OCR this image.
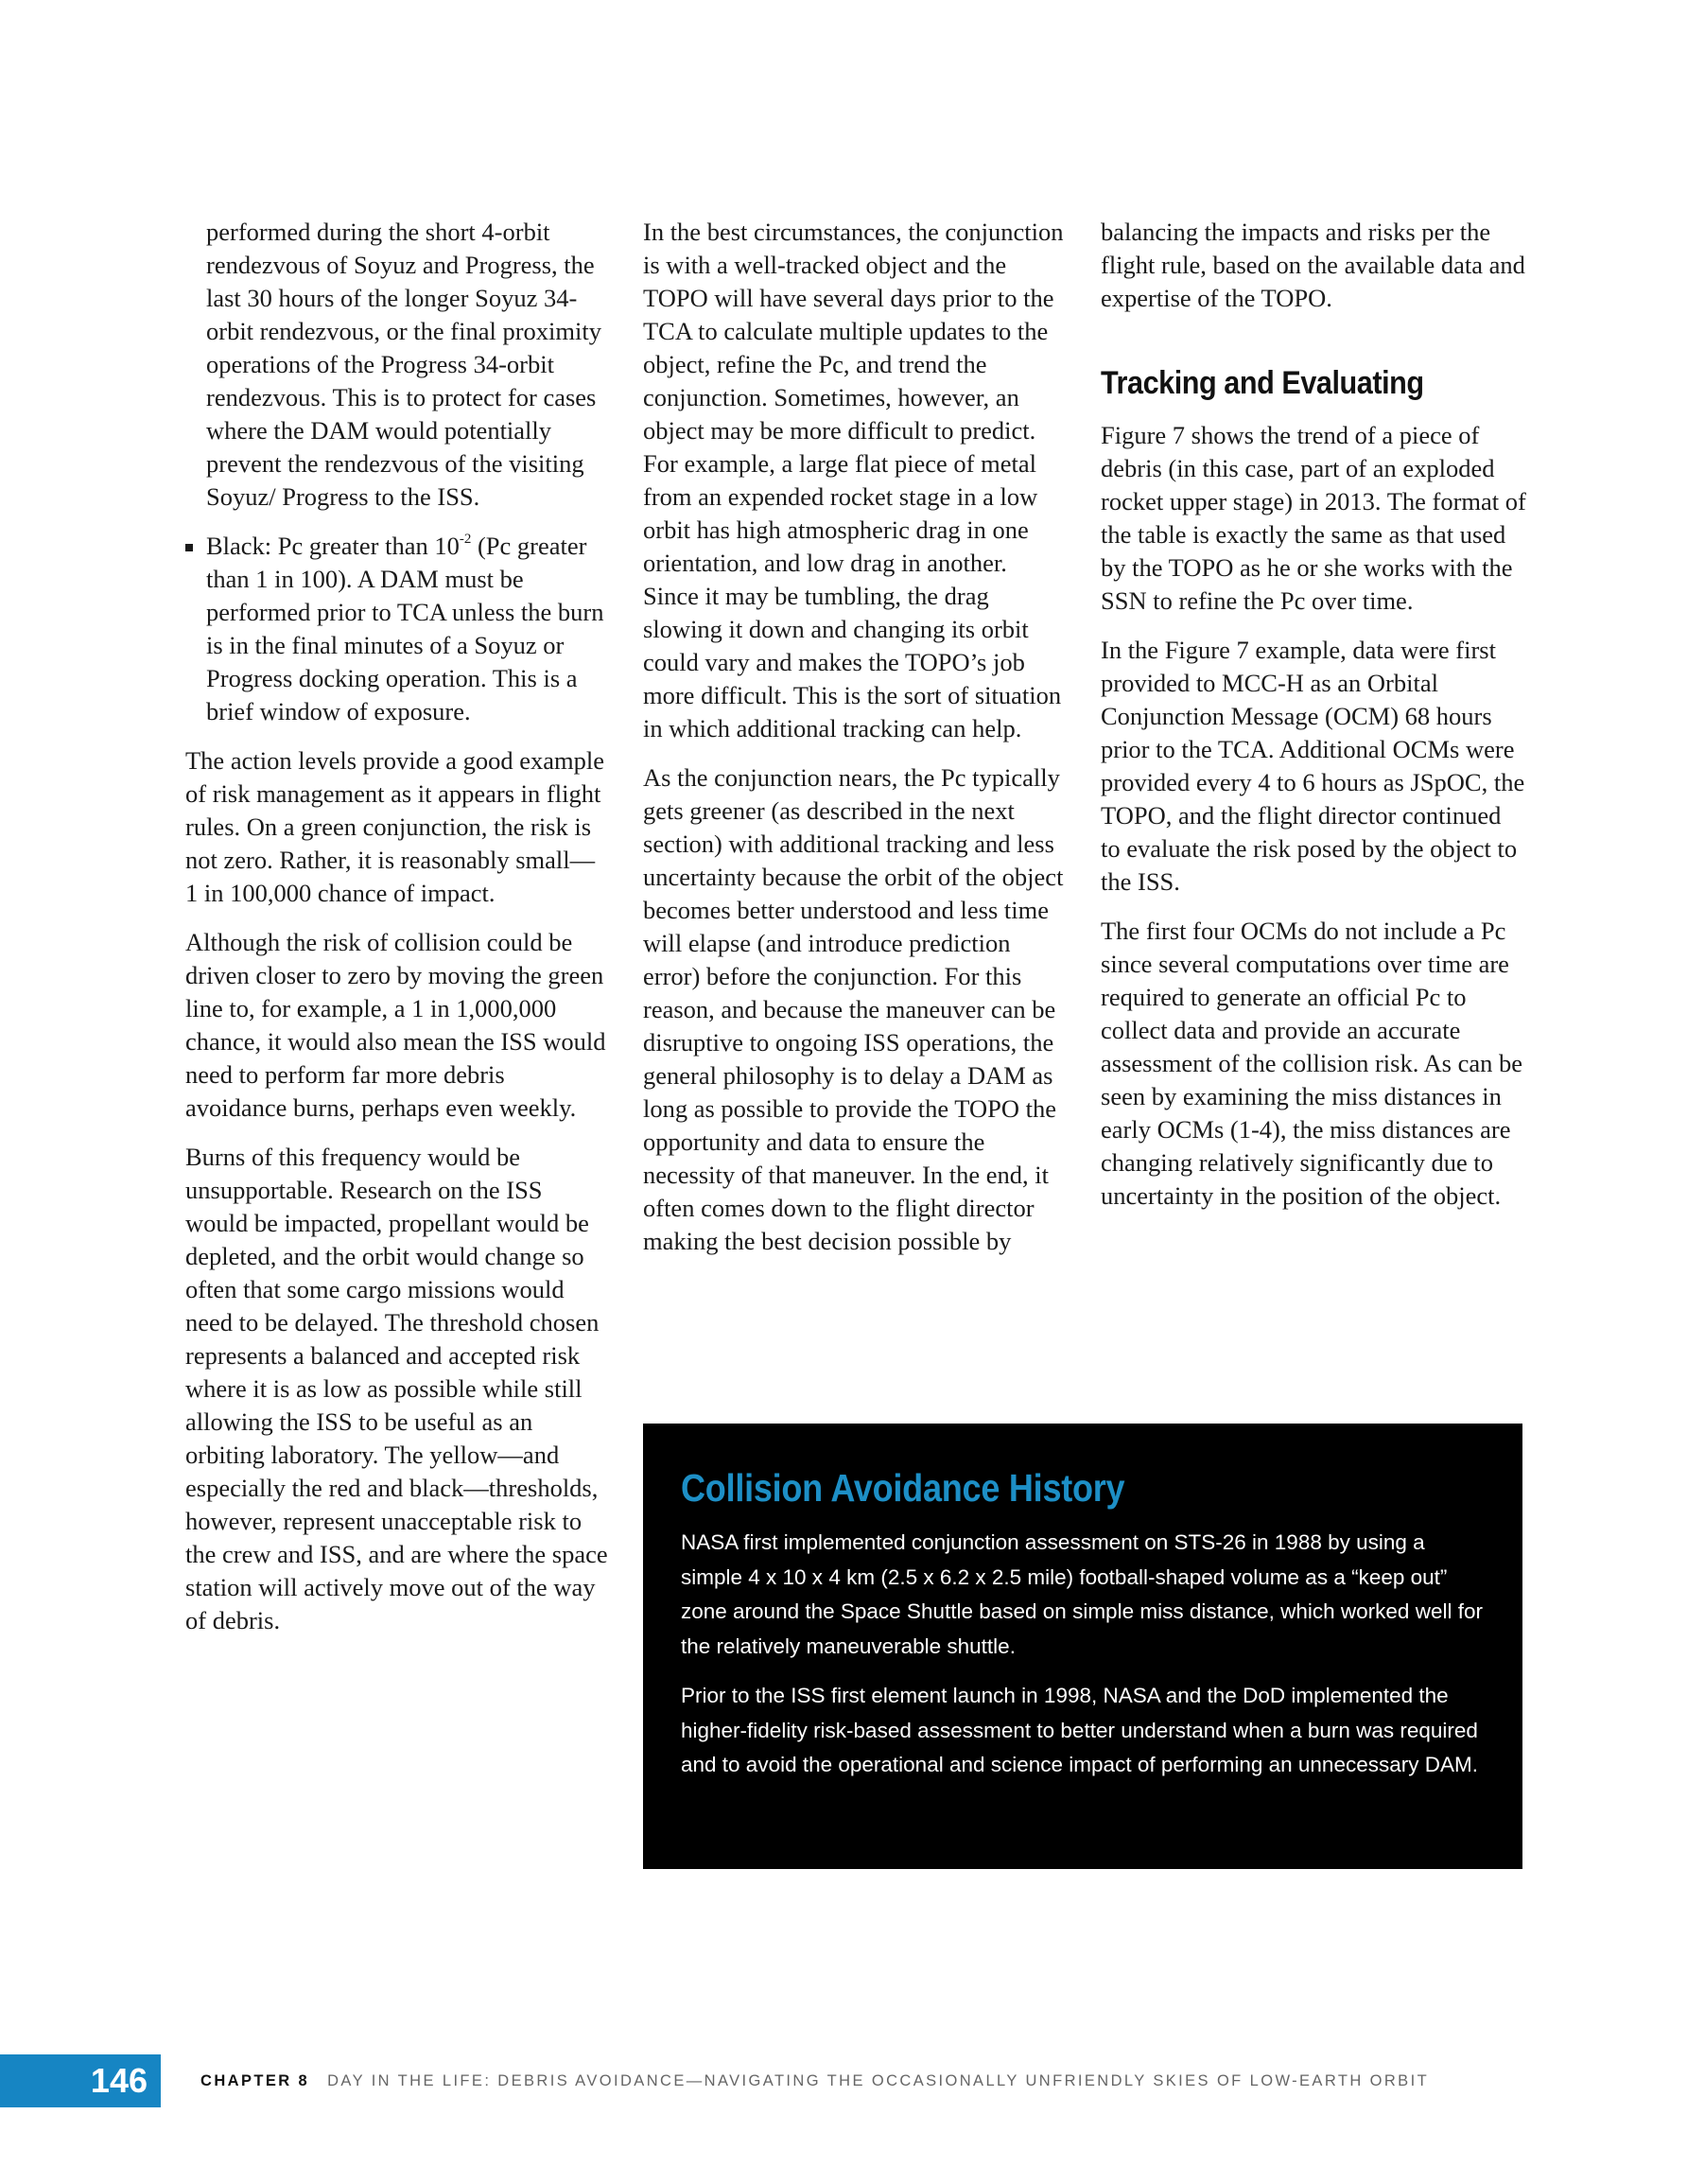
performed during the short 4-orbit rendezvous of Soyuz and Progress, the last 30 hours of the longer Soyuz 34-orbit rendezvous, or the final proximity operations of the Progress 34-orbit rendezvous. This is to protect for cases where the DAM would potentially prevent the rendezvous of the visiting Soyuz/ Progress to the ISS.

Black: Pc greater than $10^{-2}$ (Pc greater than 1 in 100). A DAM must be performed prior to TCA unless the burn is in the final minutes of a Soyuz or Progress docking operation. This is a brief window of exposure.

The action levels provide a good example of risk management as it appears in flight rules. On a green conjunction, the risk is not zero. Rather, it is reasonably small— 1 in 100,000 chance of impact.

Although the risk of collision could be driven closer to zero by moving the green line to, for example, a 1 in 1,000,000 chance, it would also mean the ISS would need to perform far more debris avoidance burns, perhaps even weekly.

Burns of this frequency would be unsupportable. Research on the ISS would be impacted, propellant would be depleted, and the orbit would change so often that some cargo missions would need to be delayed. The threshold chosen represents a balanced and accepted risk where it is as low as possible while still allowing the ISS to be useful as an orbiting laboratory. The yellow—and especially the red and black—thresholds, however, represent unacceptable risk to the crew and ISS, and are where the space station will actively move out of the way of debris.

In the best circumstances, the conjunction is with a well-tracked object and the TOPO will have several days prior to the TCA to calculate multiple updates to the object, refine the Pc, and trend the conjunction. Sometimes, however, an object may be more difficult to predict. For example, a large flat piece of metal from an expended rocket stage in a low orbit has high atmospheric drag in one orientation, and low drag in another. Since it may be tumbling, the drag slowing it down and changing its orbit could vary and makes the TOPO’s job more difficult. This is the sort of situation in which additional tracking can help.

As the conjunction nears, the Pc typically gets greener (as described in the next section) with additional tracking and less uncertainty because the orbit of the object becomes better understood and less time will elapse (and introduce prediction error) before the conjunction. For this reason, and because the maneuver can be disruptive to ongoing ISS operations, the general philosophy is to delay a DAM as long as possible to provide the TOPO the opportunity and data to ensure the necessity of that maneuver. In the end, it often comes down to the flight director making the best decision possible by

balancing the impacts and risks per the flight rule, based on the available data and expertise of the TOPO.

Tracking and Evaluating

Figure 7 shows the trend of a piece of debris (in this case, part of an exploded rocket upper stage) in 2013. The format of the table is exactly the same as that used by the TOPO as he or she works with the SSN to refine the Pc over time.

In the Figure 7 example, data were first provided to MCC-H as an Orbital Conjunction Message (OCM) 68 hours prior to the TCA. Additional OCMs were provided every 4 to 6 hours as JSpOC, the TOPO, and the flight director continued to evaluate the risk posed by the object to the ISS.

The first four OCMs do not include a Pc since several computations over time are required to generate an official Pc to collect data and provide an accurate assessment of the collision risk. As can be seen by examining the miss distances in early OCMs (1-4), the miss distances are changing relatively significantly due to uncertainty in the position of the object.

Collision Avoidance History

NASA first implemented conjunction assessment on STS-26 in 1988 by using a simple 4 x 10 x 4 km (2.5 x 6.2 x 2.5 mile) football-shaped volume as a “keep out” zone around the Space Shuttle based on simple miss distance, which worked well for the relatively maneuverable shuttle.

Prior to the ISS first element launch in 1998, NASA and the DoD implemented the higher-fidelity risk-based assessment to better understand when a burn was required and to avoid the operational and science impact of performing an unnecessary DAM.

146	CHAPTER 8 DAY IN THE LIFE: DEBRIS AVOIDANCE—NAVIGATING THE OCCASIONALLY UNFRIENDLY SKIES OF LOW-EARTH ORBIT
